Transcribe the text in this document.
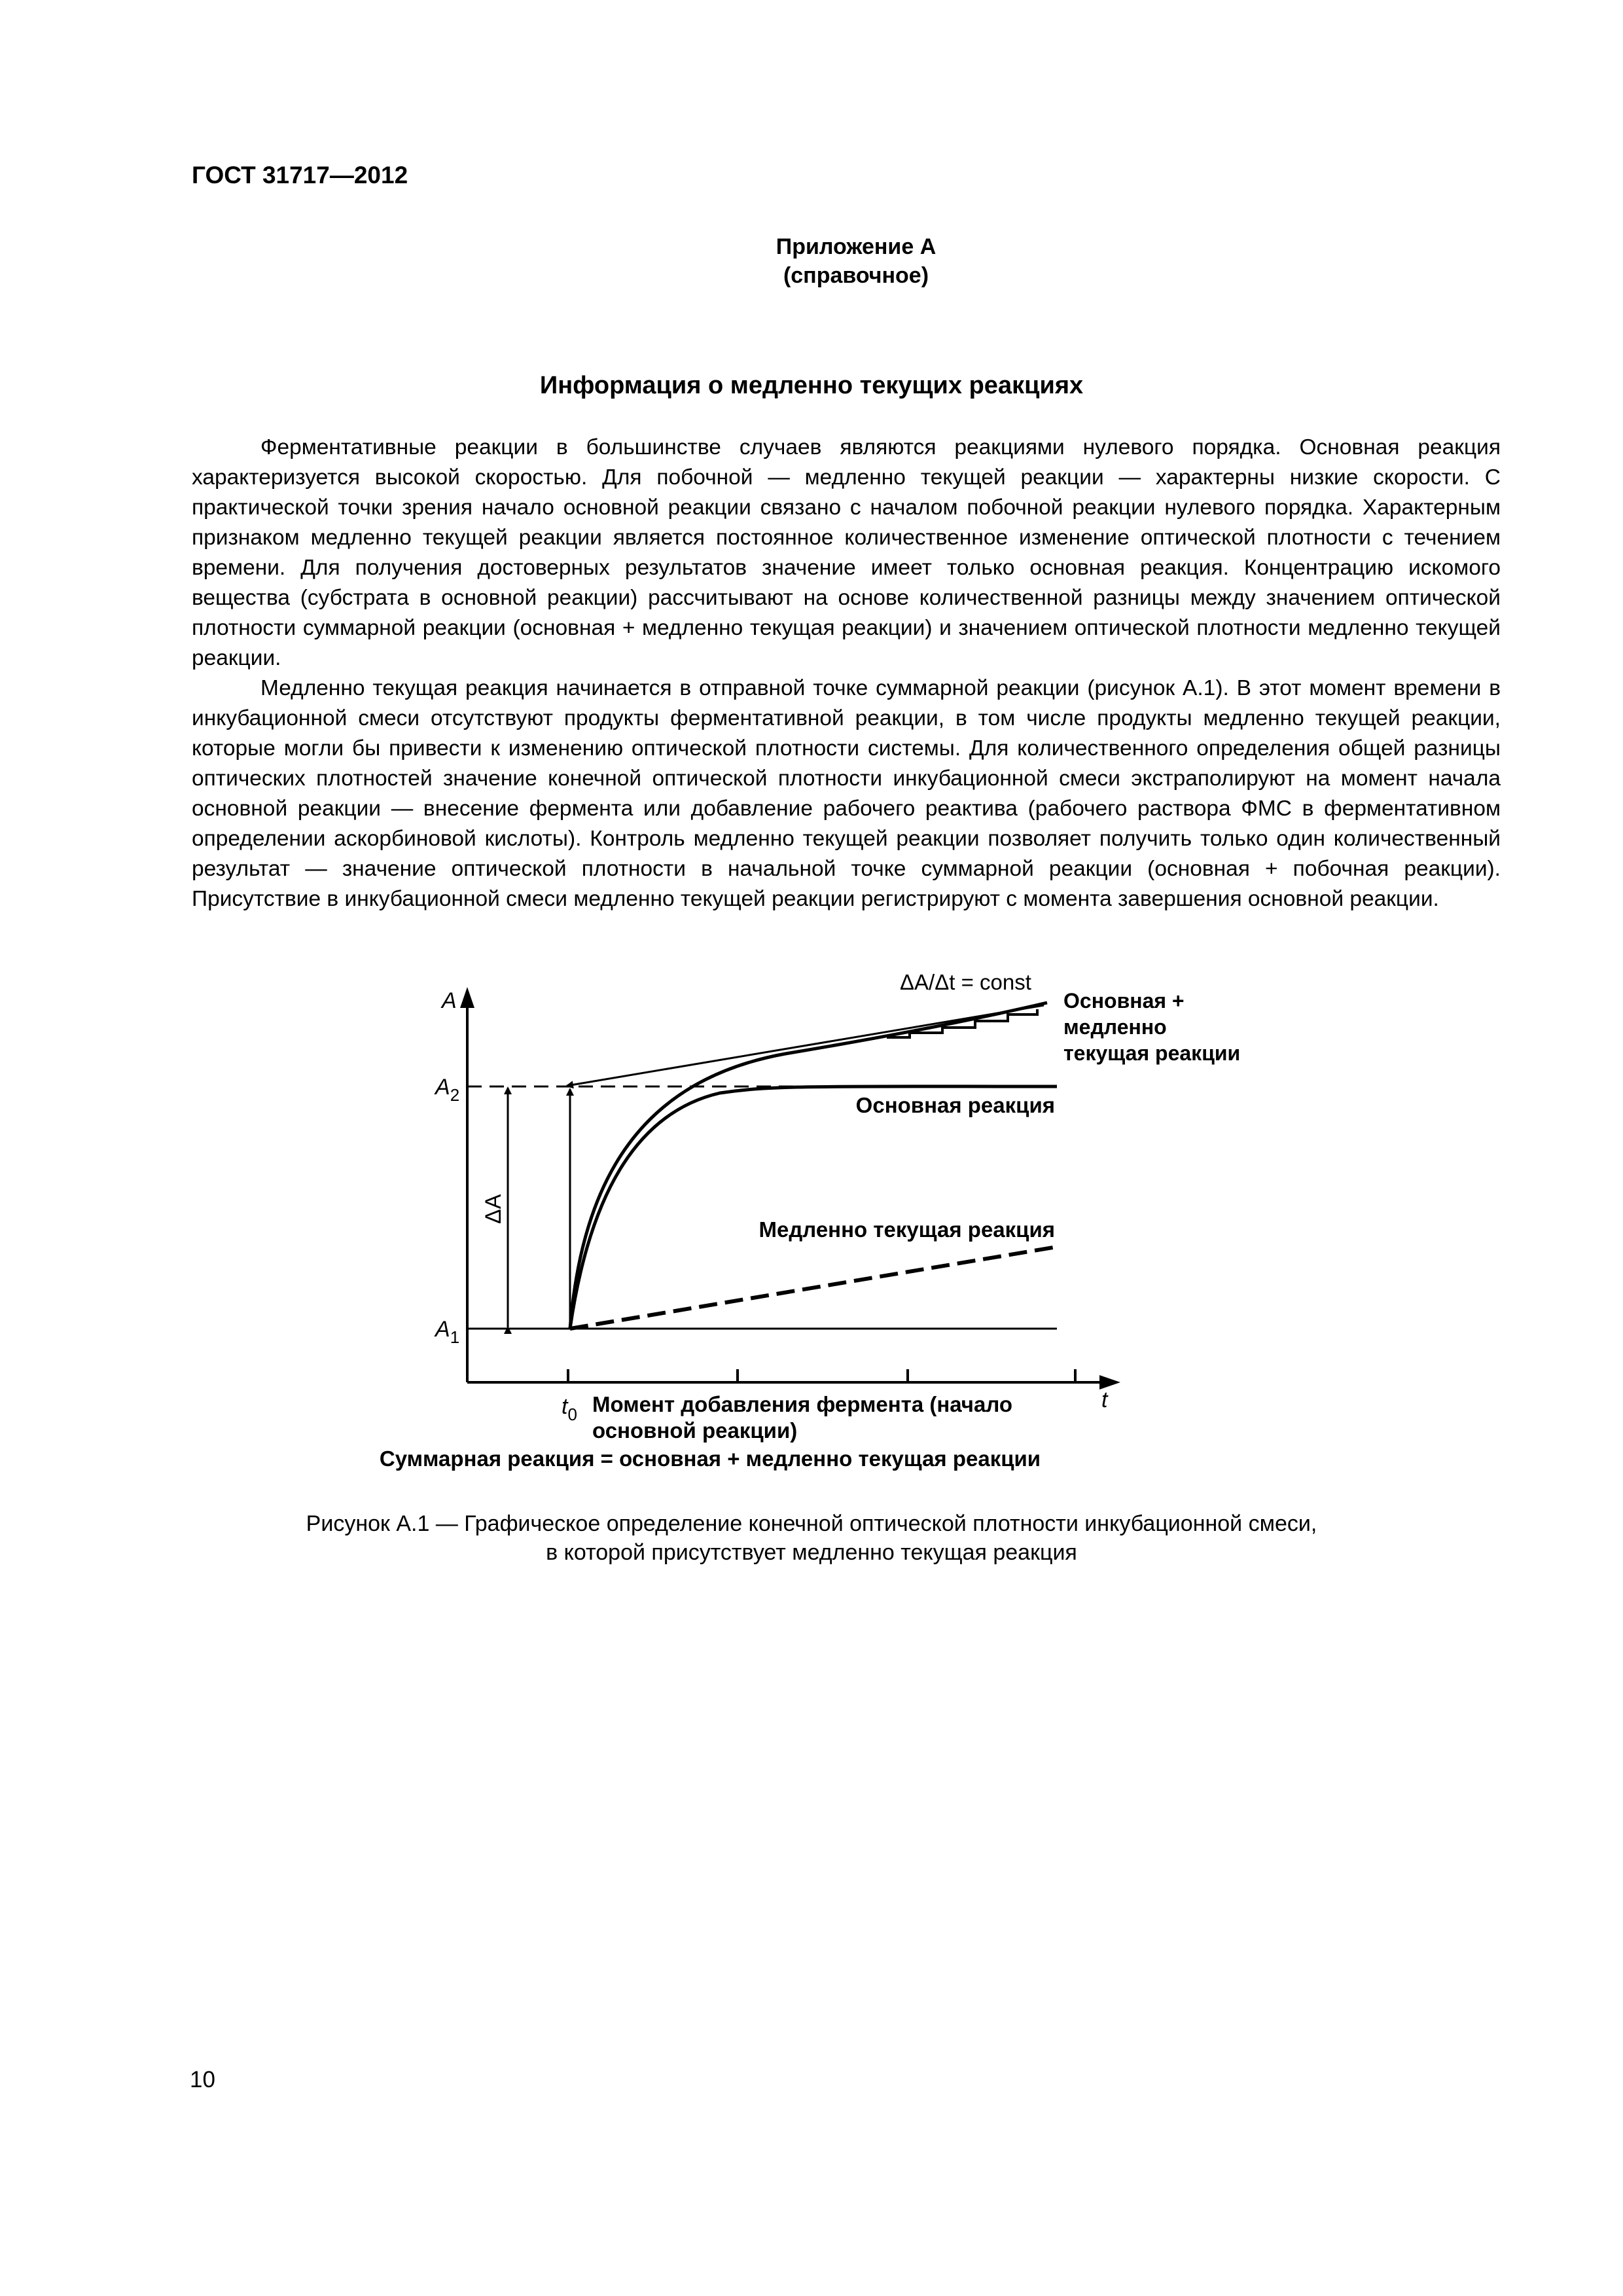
ГОСТ 31717—2012
Приложение А
(справочное)
Информация о медленно текущих реакциях

Ферментативные реакции в большинстве случаев являются реакциями нулевого порядка. Основная реакция характеризуется высокой скоростью. Для побочной — медленно текущей реакции — характерны низкие скорости. С практической точки зрения начало основной реакции связано с началом побочной реакции нулевого порядка. Характерным признаком медленно текущей реакции является постоянное количественное изменение оптической плотности с течением времени. Для получения достоверных результатов значение имеет только основная реакция. Концентрацию искомого вещества (субстрата в основной реакции) рассчитывают на основе количественной разницы между значением оптической плотности суммарной реакции (основная + медленно текущая реакции) и значением оптической плотности медленно текущей реакции.

Медленно текущая реакция начинается в отправной точке суммарной реакции (рисунок А.1). В этот момент времени в инкубационной смеси отсутствуют продукты ферментативной реакции, в том числе продукты медленно текущей реакции, которые могли бы привести к изменению оптической плотности системы. Для количественного определения общей разницы оптических плотностей значение конечной оптической плотности инкубационной смеси экстраполируют на момент начала основной реакции — внесение фермента или добавление рабочего реактива (рабочего раствора ФМС в ферментативном определении аскорбиновой кислоты). Контроль медленно текущей реакции позволяет получить только один количественный результат — значение оптической плотности в начальной точке суммарной реакции (основная + побочная реакции). Присутствие в инкубационной смеси медленно текущей реакции регистрируют с момента завершения основной реакции.

A
$A_2$
$A_1$
ΔA
t
$t_0$
ΔA/Δt = const
Основная +
медленно
текущая реакции
Основная реакция
Медленно текущая реакция
Момент добавления фермента (начало
основной реакции)
Суммарная реакция = основная + медленно текущая реакции
Рисунок А.1 — Графическое определение конечной оптической плотности инкубационной смеси,
в которой присутствует медленно текущая реакция
10
